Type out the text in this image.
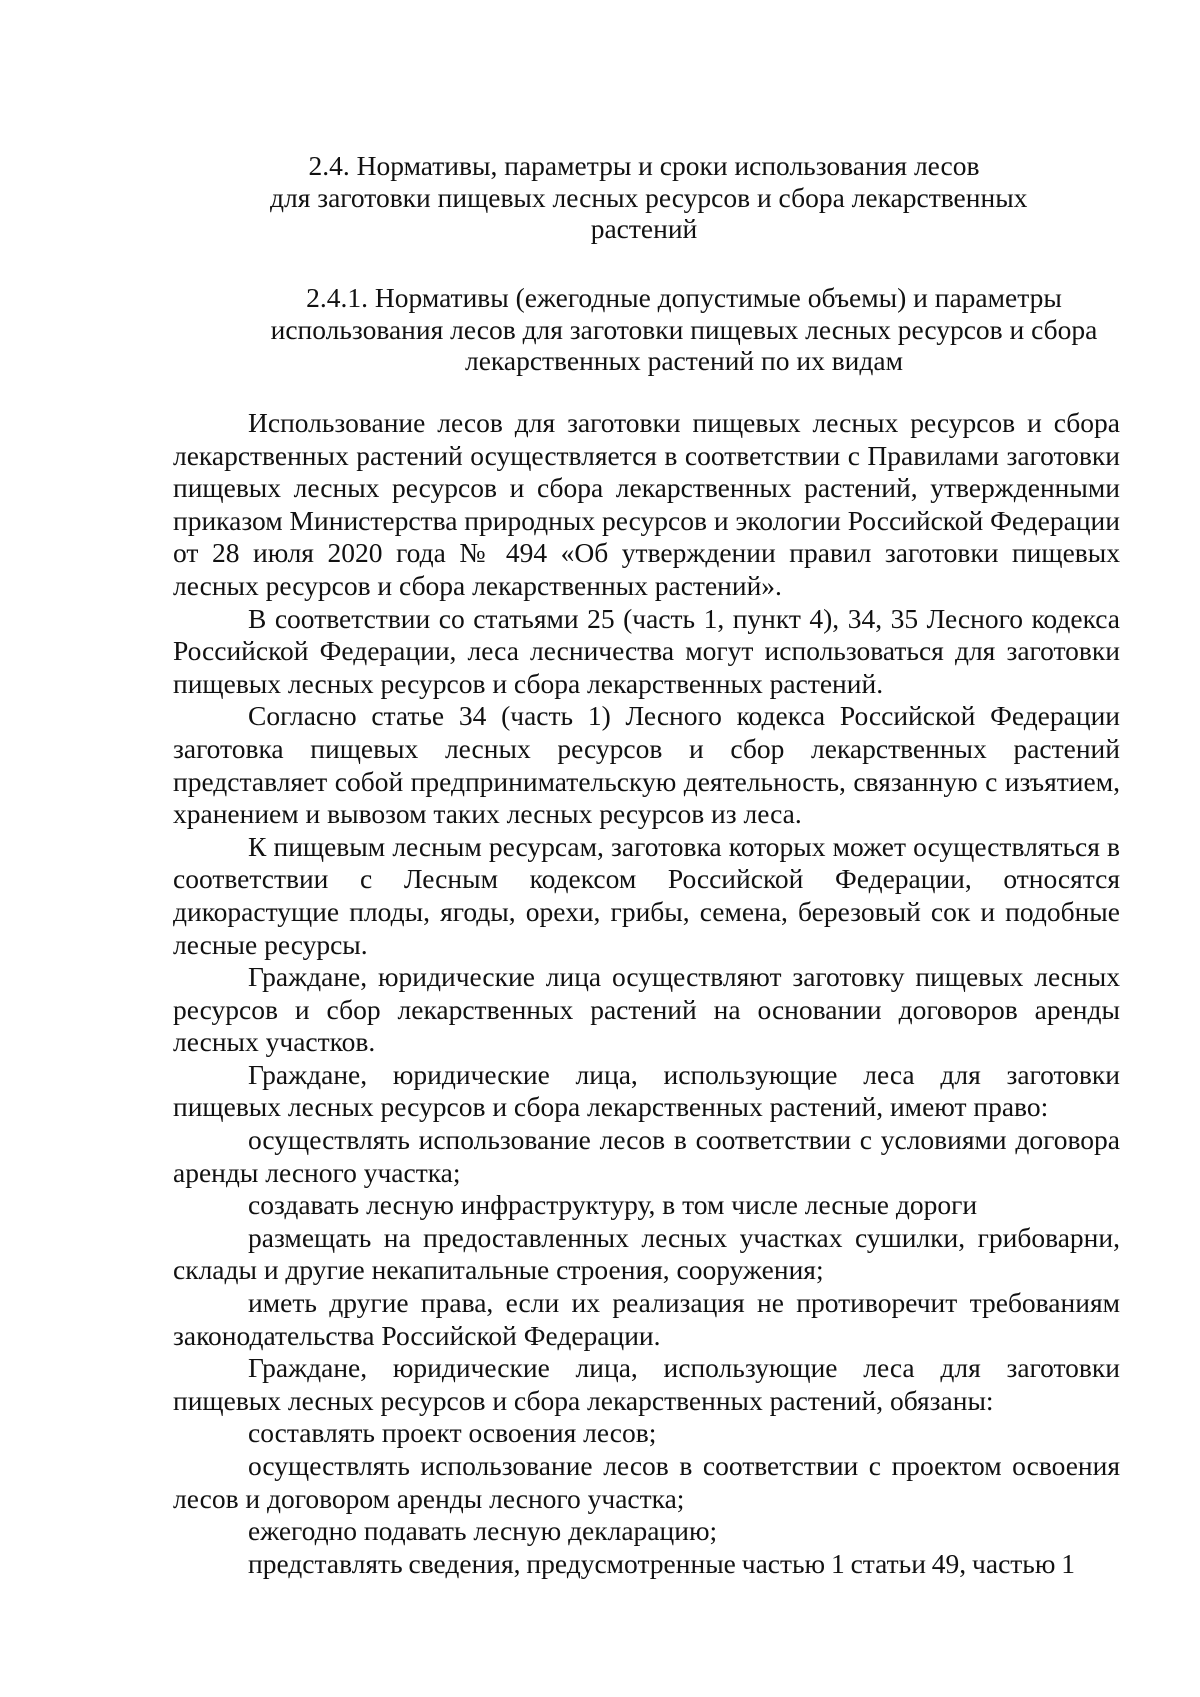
2.4. Нормативы, параметры и сроки использования лесов
для заготовки пищевых лесных ресурсов и сбора лекарственных
растений
2.4.1. Нормативы (ежегодные допустимые объемы) и параметры
использования лесов для заготовки пищевых лесных ресурсов и сбора
лекарственных растений по их видам

Использование лесов для заготовки пищевых лесных ресурсов и сбора лекарственных растений осуществляется в соответствии с Правилами заготовки пищевых лесных ресурсов и сбора лекарственных растений, утвержденными приказом Министерства природных ресурсов и экологии Российской Федерации от 28 июля 2020 года № 494 «Об утверждении правил заготовки пищевых лесных ресурсов и сбора лекарственных растений».

В соответствии со статьями 25 (часть 1, пункт 4), 34, 35 Лесного кодекса Российской Федерации, леса лесничества могут использоваться для заготовки пищевых лесных ресурсов и сбора лекарственных растений.

Согласно статье 34 (часть 1) Лесного кодекса Российской Федерации заготовка пищевых лесных ресурсов и сбор лекарственных растений представляет собой предпринимательскую деятельность, связанную с изъятием, хранением и вывозом таких лесных ресурсов из леса.

К пищевым лесным ресурсам, заготовка которых может осуществляться в соответствии с Лесным кодексом Российской Федерации, относятся дикорастущие плоды, ягоды, орехи, грибы, семена, березовый сок и подобные лесные ресурсы.

Граждане, юридические лица осуществляют заготовку пищевых лесных ресурсов и сбор лекарственных растений на основании договоров аренды лесных участков.

Граждане, юридические лица, использующие леса для заготовки пищевых лесных ресурсов и сбора лекарственных растений, имеют право:

осуществлять использование лесов в соответствии с условиями договора аренды лесного участка;

создавать лесную инфраструктуру, в том числе лесные дороги

размещать на предоставленных лесных участках сушилки, грибоварни, склады и другие некапитальные строения, сооружения;

иметь другие права, если их реализация не противоречит требованиям законодательства Российской Федерации.

Граждане, юридические лица, использующие леса для заготовки пищевых лесных ресурсов и сбора лекарственных растений, обязаны:

составлять проект освоения лесов;

осуществлять использование лесов в соответствии с проектом освоения лесов и договором аренды лесного участка;

ежегодно подавать лесную декларацию;

представлять сведения, предусмотренные частью 1 статьи 49, частью 1
